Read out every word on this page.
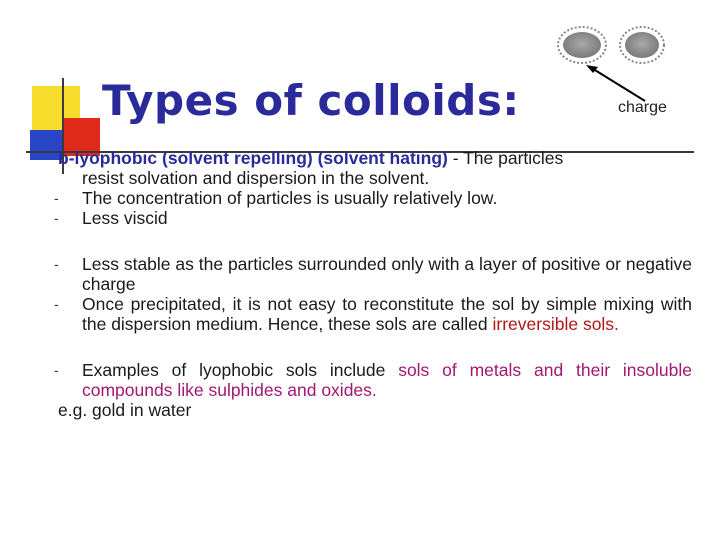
Types of colloids:	charge
b-lyophobic (solvent repelling) (solvent hating) - The particles
resist solvation and dispersion in the solvent.
- The concentration of particles is usually relatively low.
- Less viscid
- Less stable as the particles surrounded only with a layer of positive or negative charge
- Once precipitated, it is not easy to reconstitute the sol by simple mixing with the dispersion medium. Hence, these sols are called irreversible sols.
- Examples of lyophobic sols include sols of metals and their insoluble compounds like sulphides and oxides.
e.g. gold in water
